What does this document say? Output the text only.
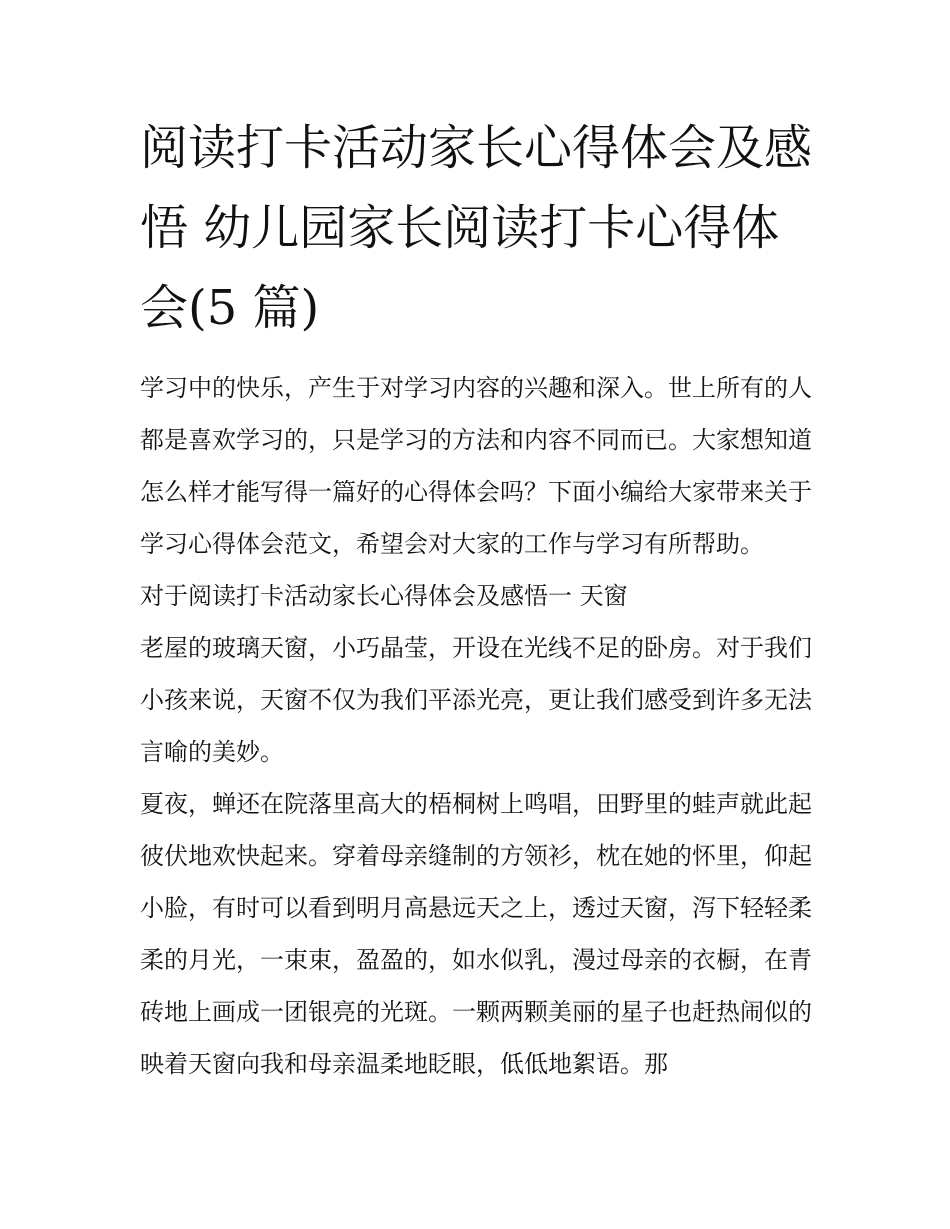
阅读打卡活动家长心得体会及感悟 幼儿园家长阅读打卡心得体会(5 篇)

学习中的快乐，产生于对学习内容的兴趣和深入。世上所有的人都是喜欢学习的，只是学习的方法和内容不同而已。大家想知道怎么样才能写得一篇好的心得体会吗？下面小编给大家带来关于学习心得体会范文，希望会对大家的工作与学习有所帮助。

对于阅读打卡活动家长心得体会及感悟一 天窗

老屋的玻璃天窗，小巧晶莹，开设在光线不足的卧房。对于我们小孩来说，天窗不仅为我们平添光亮，更让我们感受到许多无法言喻的美妙。

夏夜，蝉还在院落里高大的梧桐树上鸣唱，田野里的蛙声就此起彼伏地欢快起来。穿着母亲缝制的方领衫，枕在她的怀里，仰起小脸，有时可以看到明月高悬远天之上，透过天窗，泻下轻轻柔柔的月光，一束束，盈盈的，如水似乳，漫过母亲的衣橱，在青砖地上画成一团银亮的光斑。一颗两颗美丽的星子也赶热闹似的映着天窗向我和母亲温柔地眨眼，低低地絮语。那
